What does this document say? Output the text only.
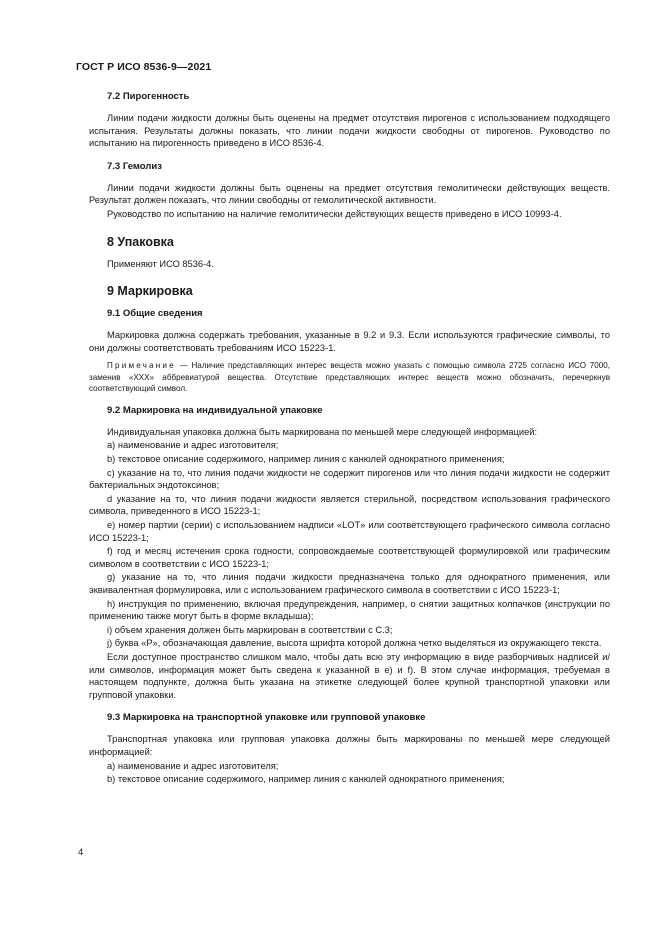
ГОСТ Р ИСО 8536-9—2021
7.2 Пирогенность
Линии подачи жидкости должны быть оценены на предмет отсутствия пирогенов с использованием подходящего испытания. Результаты должны показать, что линии подачи жидкости свободны от пирогенов. Руководство по испытанию на пирогенность приведено в ИСО 8536-4.
7.3 Гемолиз
Линии подачи жидкости должны быть оценены на предмет отсутствия гемолитически действующих веществ. Результат должен показать, что линии свободны от гемолитической активности.
Руководство по испытанию на наличие гемолитически действующих веществ приведено в ИСО 10993-4.
8 Упаковка
Применяют ИСО 8536-4.
9 Маркировка
9.1 Общие сведения
Маркировка должна содержать требования, указанные в 9.2 и 9.3. Если используются графические символы, то они должны соответствовать требованиям ИСО 15223-1.
Примечание — Наличие представляющих интерес веществ можно указать с помощью символа 2725 согласно ИСО 7000, заменив «XXX» аббревиатурой вещества. Отсутствие представляющих интерес веществ можно обозначить, перечеркнув соответствующий символ.
9.2 Маркировка на индивидуальной упаковке
Индивидуальная упаковка должна быть маркирована по меньшей мере следующей информацией:
a) наименование и адрес изготовителя;
b) текстовое описание содержимого, например линия с канюлей однократного применения;
c) указание на то, что линия подачи жидкости не содержит пирогенов или что линия подачи жидкости не содержит бактериальных эндотоксинов;
d указание на то, что линия подачи жидкости является стерильной, посредством использования графического символа, приведенного в ИСО 15223-1;
e) номер партии (серии) с использованием надписи «LOT» или соответствующего графического символа согласно ИСО 15223-1;
f) год и месяц истечения срока годности, сопровождаемые соответствующей формулировкой или графическим символом в соответствии с ИСО 15223-1;
g) указание на то, что линия подачи жидкости предназначена только для однократного применения, или эквивалентная формулировка, или с использованием графического символа в соответствии с ИСО 15223-1;
h) инструкция по применению, включая предупреждения, например, о снятии защитных колпачков (инструкции по применению также могут быть в форме вкладыша);
i) объем хранения должен быть маркирован в соответствии с С.3;
j) буква «P», обозначающая давление, высота шрифта которой должна четко выделяться из окружающего текста.
Если доступное пространство слишком мало, чтобы дать всю эту информацию в виде разборчивых надписей и/или символов, информация может быть сведена к указанной в е) и f). В этом случае информация, требуемая в настоящем подпункте, должна быть указана на этикетке следующей более крупной транспортной упаковки или групповой упаковки.
9.3 Маркировка на транспортной упаковке или групповой упаковке
Транспортная упаковка или групповая упаковка должны быть маркированы по меньшей мере следующей информацией:
a) наименование и адрес изготовителя;
b) текстовое описание содержимого, например линия с канюлей однократного применения;
4
